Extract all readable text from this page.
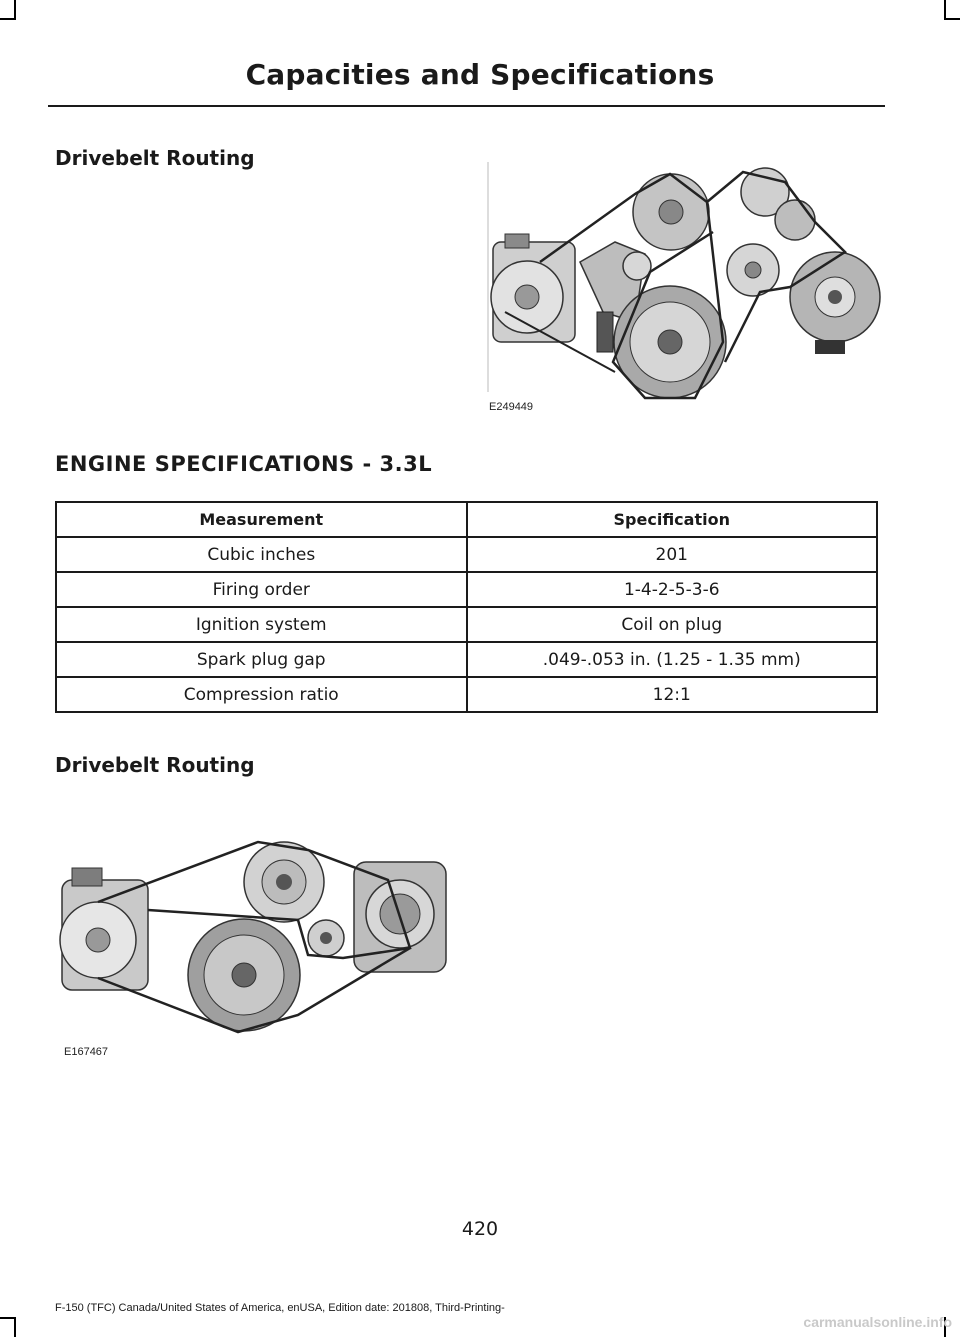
Capacities and Specifications
Drivebelt Routing
E249449
ENGINE SPECIFICATIONS - 3.3L
Measurement	Specification
Cubic inches	201
Firing order	1-4-2-5-3-6
Ignition system	Coil on plug
Spark plug gap	.049-.053 in. (1.25 - 1.35 mm)
Compression ratio	12:1
Drivebelt Routing
E167467
420
F-150 (TFC) Canada/United States of America, enUSA, Edition date: 201808, Third-Printing-
carmanualsonline.info
